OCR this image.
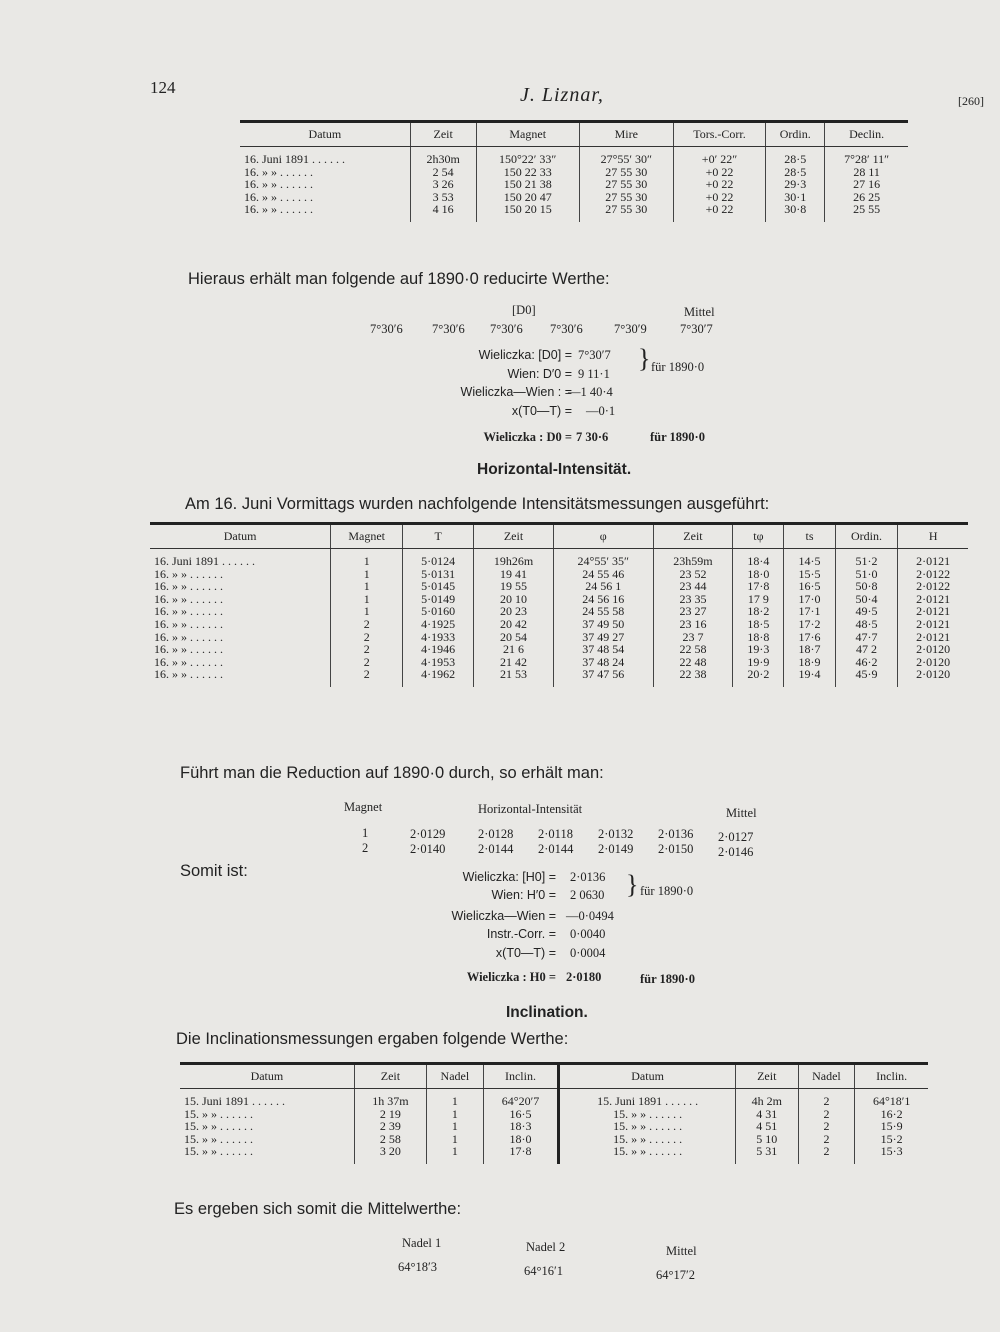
124	J. Liznar,	[260]
Datum	Zeit	Magnet	Mire	Tors.-Corr.	Ordin.	Declin.
16. Juni 1891 . . . . . .	2h30m	150°22′ 33″	27°55′ 30″	+0′ 22″	28·5	7°28′ 11″
16. » » . . . . . .	2 54	150 22 33	27 55 30	+0 22	28·5	28 11
16. » » . . . . . .	3 26	150 21 38	27 55 30	+0 22	29·3	27 16
16. » » . . . . . .	3 53	150 20 47	27 55 30	+0 22	30·1	26 25
16. » » . . . . . .	4 16	150 20 15	27 55 30	+0 22	30·8	25 55
Hieraus erhält man folgende auf 1890·0 reducirte Werthe:
[D0]	Mittel
7°30′6 7°30′6 7°30′6 7°30′6	7°30′9	7°30′7
Wieliczka: [D0] = 7°30′7
Wien: D′0 = 9 11·1
Wieliczka—Wien : =
—1 40·4
x(T0—T) = —0·1
} für 1890·0
Wieliczka : D0 = 7 30·6	für 1890·0
Horizontal-Intensität.
Am 16. Juni Vormittags wurden nachfolgende Intensitätsmessungen ausgeführt:
Datum	Magnet	T	Zeit	φ	Zeit	tφ	ts	Ordin.	H
16. Juni 1891 . . . . . .	1	5·0124	19h26m	24°55′ 35″	23h59m	18·4	14·5	51·2	2·0121
16. » » . . . . . .	1	5·0131	19 41	24 55 46	23 52	18·0	15·5	51·0	2·0122
16. » » . . . . . .	1	5·0145	19 55	24 56 1	23 44	17·8	16·5	50·8	2·0122
16. » » . . . . . .	1	5·0149	20 10	24 56 16	23 35	17 9	17·0	50·4	2·0121
16. » » . . . . . .	1	5·0160	20 23	24 55 58	23 27	18·2	17·1	49·5	2·0121
16. » » . . . . . .	2	4·1925	20 42	37 49 50	23 16	18·5	17·2	48·5	2·0121
16. » » . . . . . .	2	4·1933	20 54	37 49 27	23 7	18·8	17·6	47·7	2·0121
16. » » . . . . . .	2	4·1946	21 6	37 48 54	22 58	19·3	18·7	47 2	2·0120
16. » » . . . . . .	2	4·1953	21 42	37 48 24	22 48	19·9	18·9	46·2	2·0120
16. » » . . . . . .	2	4·1962	21 53	37 47 56	22 38	20·2	19·4	45·9	2·0120
Führt man die Reduction auf 1890·0 durch, so erhält man:
Magnet	Horizontal-Intensität	Mittel
1	2·0129	2·0128 2·0118 2·0132 2·0136 2·0127
2	2·0140	2·0144 2·0144 2·0149 2·0150 2·0146
Somit ist:	Wieliczka: [H0] = 2·0136
Wien: H′0 = 2 0630
Wieliczka—Wien = —0·0494
Instr.-Corr. = 0·0040
x(T0—T) = 0·0004
} für 1890·0
Wieliczka : H0 = 2·0180	für 1890·0
Inclination.
Die Inclinationsmessungen ergaben folgende Werthe:
Datum	Zeit	Nadel	Inclin.	Datum	Zeit	Nadel	Inclin.
15. Juni 1891 . . . . . .	1h 37m	1	64°20′7	15. Juni 1891 . . . . . .	4h 2m	2	64°18′1
15. » » . . . . . .	2 19	1	16·5	15. » » . . . . . .	4 31	2	16·2
15. » » . . . . . .	2 39	1	18·3	15. » » . . . . . .	4 51	2	15·9
15. » » . . . . . .	2 58	1	18·0	15. » » . . . . . .	5 10	2	15·2
15. » » . . . . . .	3 20	1	17·8	15. » » . . . . . .	5 31	2	15·3
Es ergeben sich somit die Mittelwerthe:
Nadel 1	Nadel 2	Mittel
64°18′3	64°16′1	64°17′2
